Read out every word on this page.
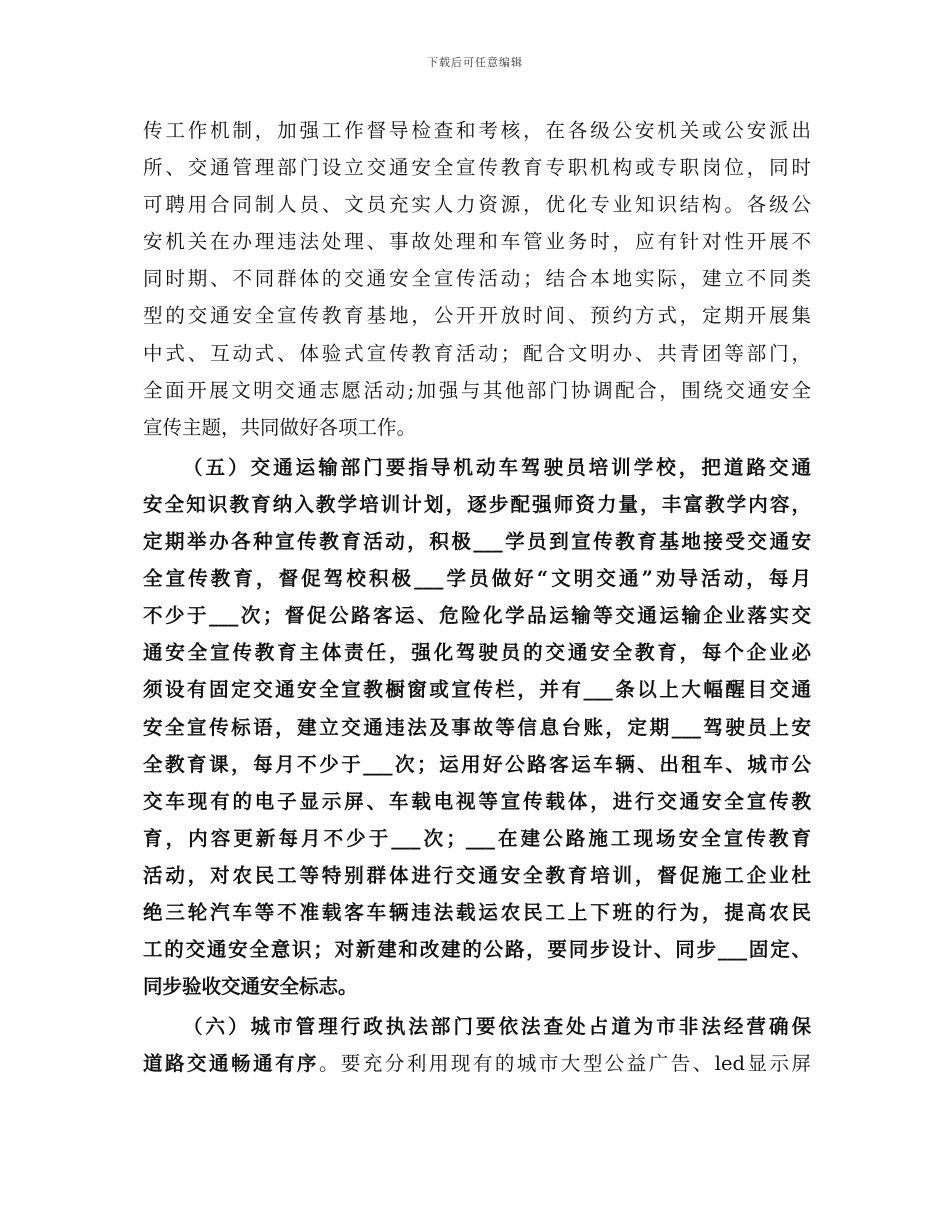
下载后可任意编辑
传工作机制，加强工作督导检查和考核，在各级公安机关或公安派出
所、交通管理部门设立交通安全宣传教育专职机构或专职岗位，同时
可聘用合同制人员、文员充实人力资源，优化专业知识结构。各级公
安机关在办理违法处理、事故处理和车管业务时，应有针对性开展不
同时期、不同群体的交通安全宣传活动；结合本地实际，建立不同类
型的交通安全宣传教育基地，公开开放时间、预约方式，定期开展集
中式、互动式、体验式宣传教育活动；配合文明办、共青团等部门，
全面开展文明交通志愿活动;加强与其他部门协调配合，围绕交通安全
宣传主题，共同做好各项工作。
（五）交通运输部门要指导机动车驾驶员培训学校，把道路交通
安全知识教育纳入教学培训计划，逐步配强师资力量，丰富教学内容，
定期举办各种宣传教育活动，积极___学员到宣传教育基地接受交通安
全宣传教育，督促驾校积极___学员做好“文明交通”劝导活动，每月
不少于___次；督促公路客运、危险化学品运输等交通运输企业落实交
通安全宣传教育主体责任，强化驾驶员的交通安全教育，每个企业必
须设有固定交通安全宣教橱窗或宣传栏，并有___条以上大幅醒目交通
安全宣传标语，建立交通违法及事故等信息台账，定期___驾驶员上安
全教育课，每月不少于___次；运用好公路客运车辆、出租车、城市公
交车现有的电子显示屏、车载电视等宣传载体，进行交通安全宣传教
育，内容更新每月不少于___次；___在建公路施工现场安全宣传教育
活动，对农民工等特别群体进行交通安全教育培训，督促施工企业杜
绝三轮汽车等不准载客车辆违法载运农民工上下班的行为，提高农民
工的交通安全意识；对新建和改建的公路，要同步设计、同步___固定、
同步验收交通安全标志。
（六）城市管理行政执法部门要依法查处占道为市非法经营确保
道路交通畅通有序。要充分利用现有的城市大型公益广告、led显示屏
